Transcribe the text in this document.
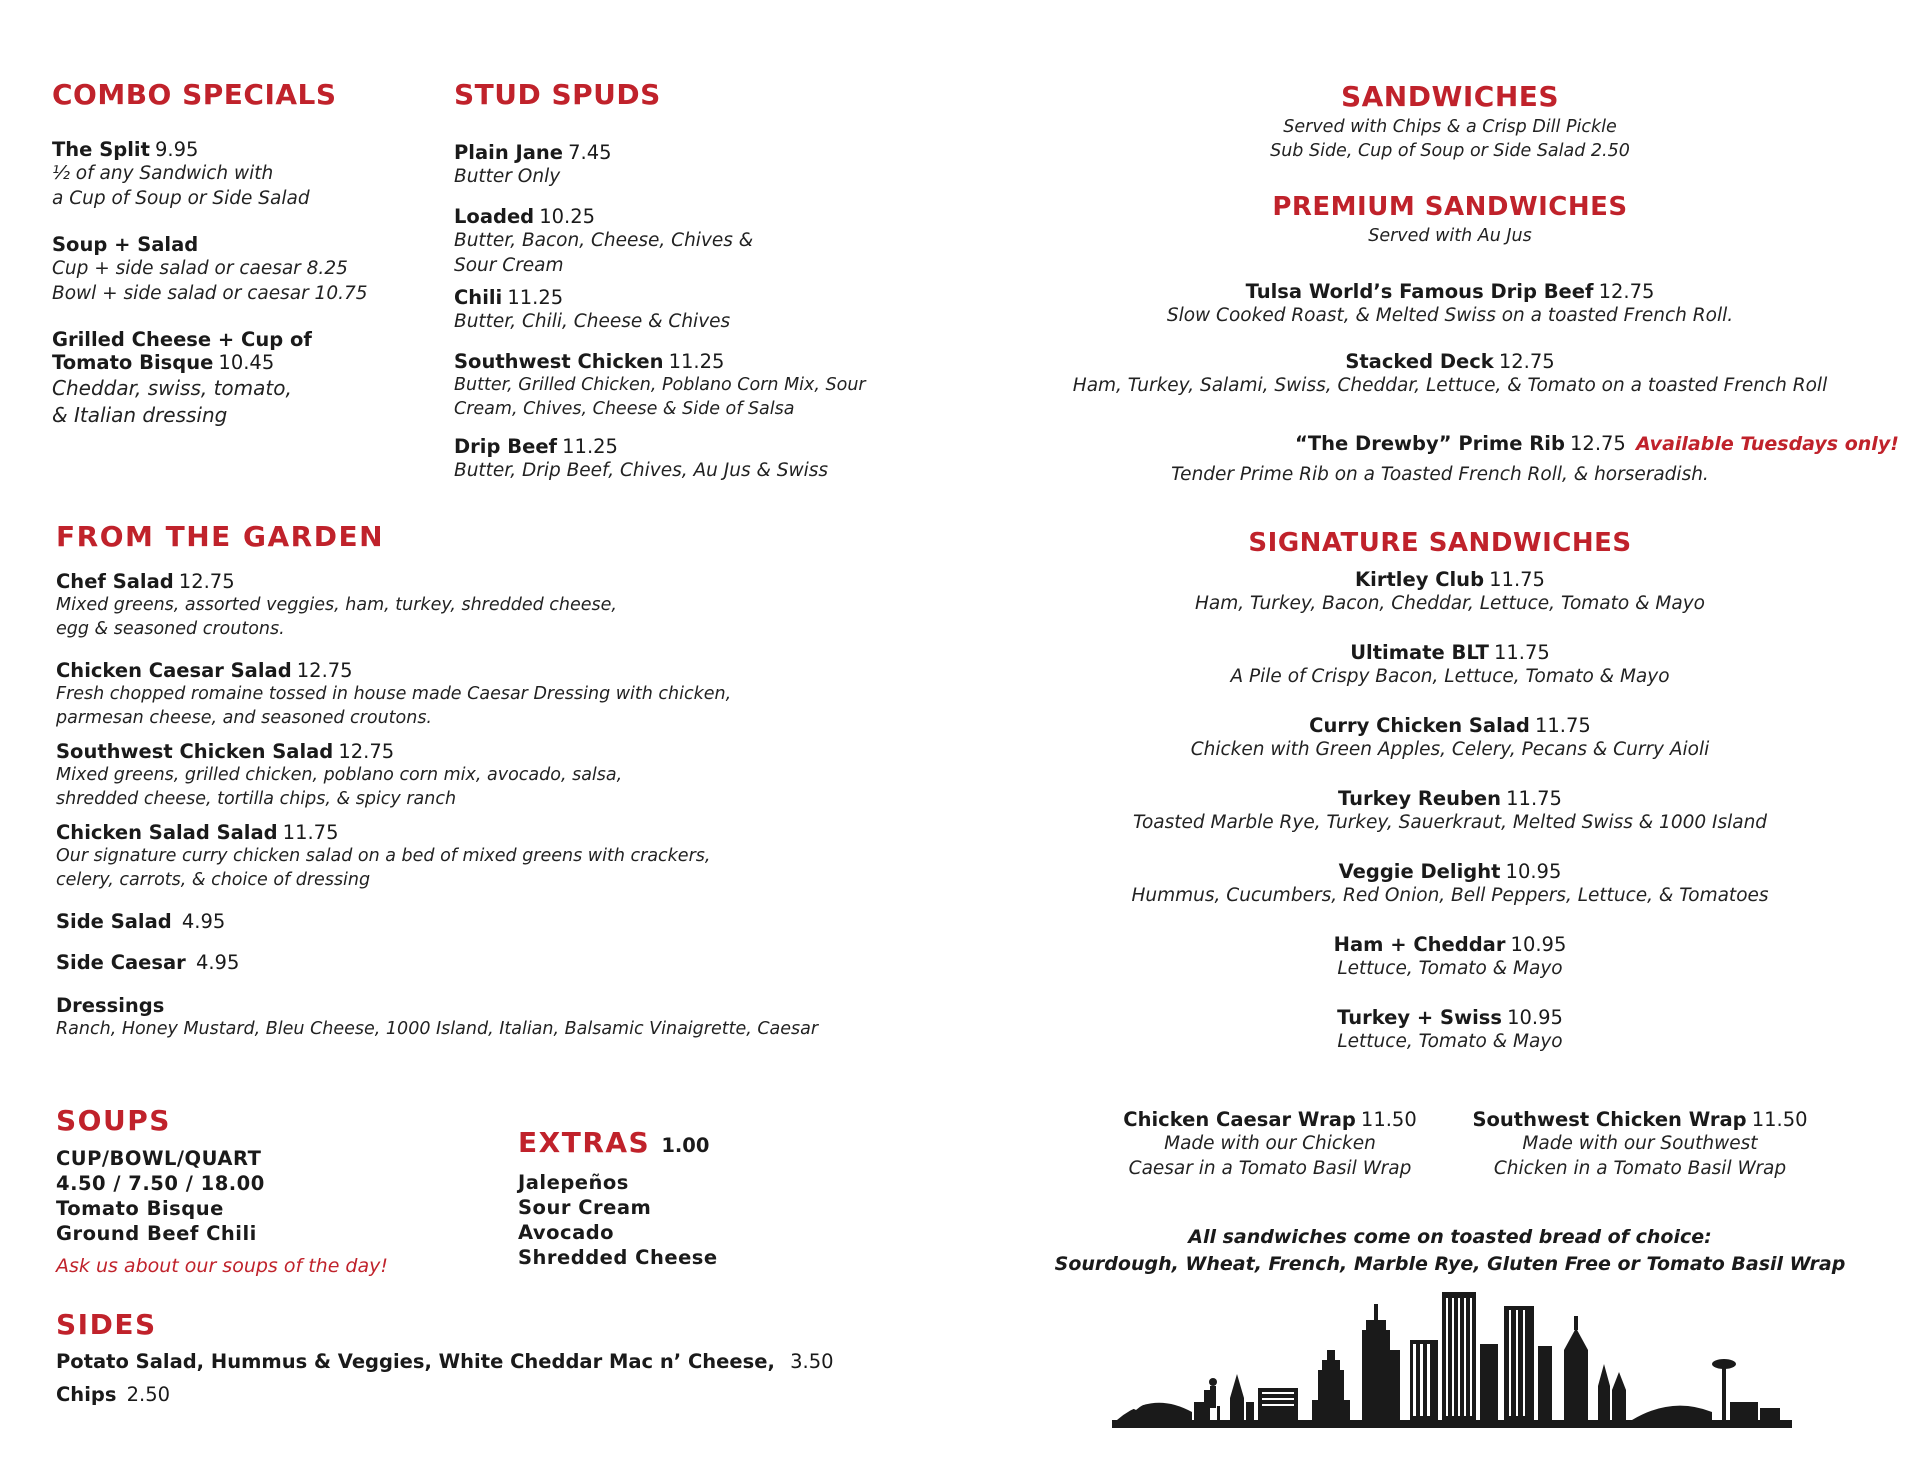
COMBO SPECIALS

The Split 9.95

½ of any Sandwich with

a Cup of Soup or Side Salad

Soup + Salad

Cup + side salad or caesar 8.25

Bowl + side salad or caesar 10.75

Grilled Cheese + Cup of

Tomato Bisque 10.45

Cheddar, swiss, tomato,

& Italian dressing

STUD SPUDS

Plain Jane 7.45

Butter Only

Loaded 10.25

Butter, Bacon, Cheese, Chives &

Sour Cream

Chili 11.25

Butter, Chili, Cheese & Chives

Southwest Chicken 11.25

Butter, Grilled Chicken, Poblano Corn Mix, Sour

Cream, Chives, Cheese & Side of Salsa

Drip Beef 11.25

Butter, Drip Beef, Chives, Au Jus & Swiss

FROM THE GARDEN

Chef Salad 12.75

Mixed greens, assorted veggies, ham, turkey, shredded cheese,

egg & seasoned croutons.

Chicken Caesar Salad 12.75

Fresh chopped romaine tossed in house made Caesar Dressing with chicken,

parmesan cheese, and seasoned croutons.

Southwest Chicken Salad 12.75

Mixed greens, grilled chicken, poblano corn mix, avocado, salsa,

shredded cheese, tortilla chips, & spicy ranch

Chicken Salad Salad 11.75

Our signature curry chicken salad on a bed of mixed greens with crackers,

celery, carrots, & choice of dressing

Side Salad 4.95

Side Caesar 4.95

Dressings

Ranch, Honey Mustard, Bleu Cheese, 1000 Island, Italian, Balsamic Vinaigrette, Caesar

SOUPS

CUP/BOWL/QUART

4.50 / 7.50 / 18.00

Tomato Bisque

Ground Beef Chili

Ask us about our soups of the day!

EXTRAS 1.00

Jalepeños

Sour Cream

Avocado

Shredded Cheese

SIDES

Potato Salad, Hummus & Veggies, White Cheddar Mac n’ Cheese, 3.50

Chips 2.50

SANDWICHES

Served with Chips & a Crisp Dill Pickle

Sub Side, Cup of Soup or Side Salad 2.50

PREMIUM SANDWICHES

Served with Au Jus

Tulsa World’s Famous Drip Beef 12.75

Slow Cooked Roast, & Melted Swiss on a toasted French Roll.

Stacked Deck 12.75

Ham, Turkey, Salami, Swiss, Cheddar, Lettuce, & Tomato on a toasted French Roll

“The Drewby” Prime Rib 12.75 Available Tuesdays only!

Tender Prime Rib on a Toasted French Roll, & horseradish.

SIGNATURE SANDWICHES

Kirtley Club 11.75

Ham, Turkey, Bacon, Cheddar, Lettuce, Tomato & Mayo

Ultimate BLT 11.75

A Pile of Crispy Bacon, Lettuce, Tomato & Mayo

Curry Chicken Salad 11.75

Chicken with Green Apples, Celery, Pecans & Curry Aioli

Turkey Reuben 11.75

Toasted Marble Rye, Turkey, Sauerkraut, Melted Swiss & 1000 Island

Veggie Delight 10.95

Hummus, Cucumbers, Red Onion, Bell Peppers, Lettuce, & Tomatoes

Ham + Cheddar 10.95

Lettuce, Tomato & Mayo

Turkey + Swiss 10.95

Lettuce, Tomato & Mayo

Chicken Caesar Wrap 11.50

Made with our Chicken

Caesar in a Tomato Basil Wrap

Southwest Chicken Wrap 11.50

Made with our Southwest

Chicken in a Tomato Basil Wrap

All sandwiches come on toasted bread of choice:

Sourdough, Wheat, French, Marble Rye, Gluten Free or Tomato Basil Wrap
